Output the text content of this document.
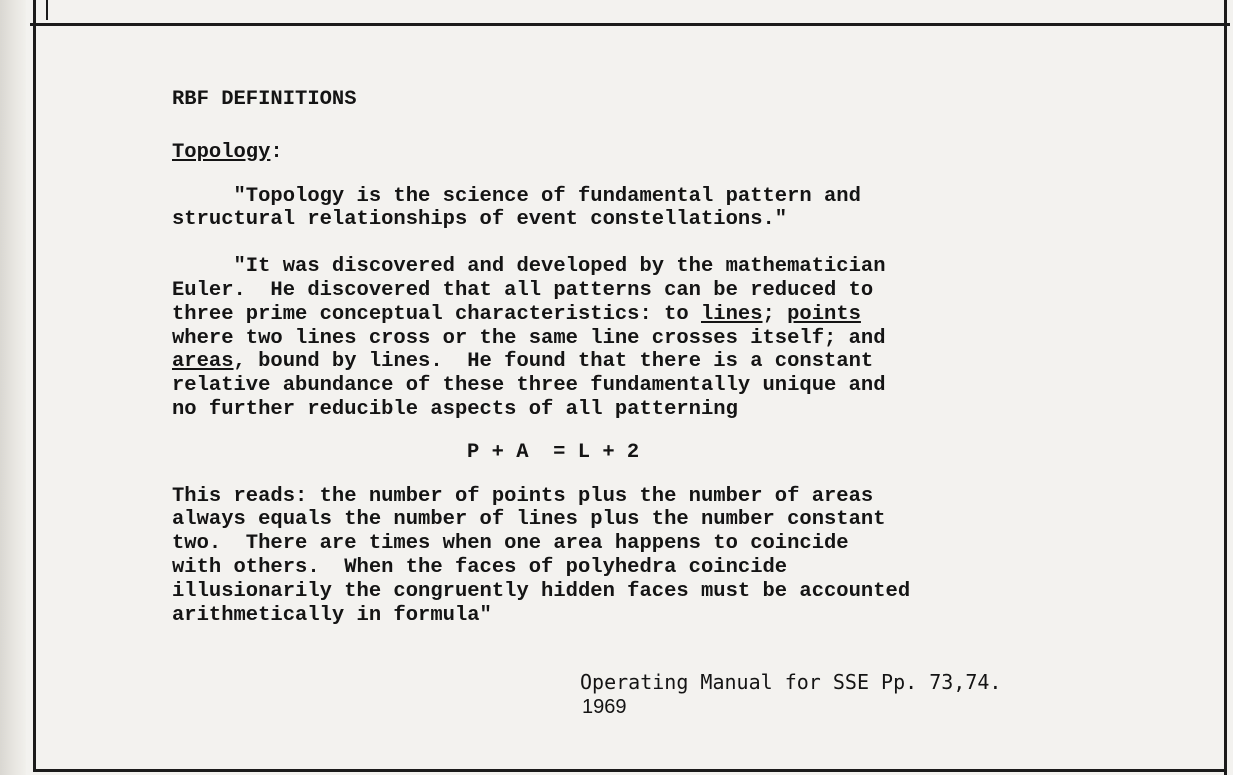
RBF DEFINITIONS
Topology:

"Topology is the science of fundamental pattern and

structural relationships of event constellations."

"It was discovered and developed by the mathematician

Euler.  He discovered that all patterns can be reduced to

three prime conceptual characteristics: to lines; points

where two lines cross or the same line crosses itself; and

areas, bound by lines.  He found that there is a constant

relative abundance of these three fundamentally unique and

no further reducible aspects of all patterning

P + A  = L + 2

This reads: the number of points plus the number of areas

always equals the number of lines plus the number constant

two.  There are times when one area happens to coincide

with others.  When the faces of polyhedra coincide

illusionarily the congruently hidden faces must be accounted

arithmetically in formula"

Operating Manual for SSE Pp. 73,74.
1969
